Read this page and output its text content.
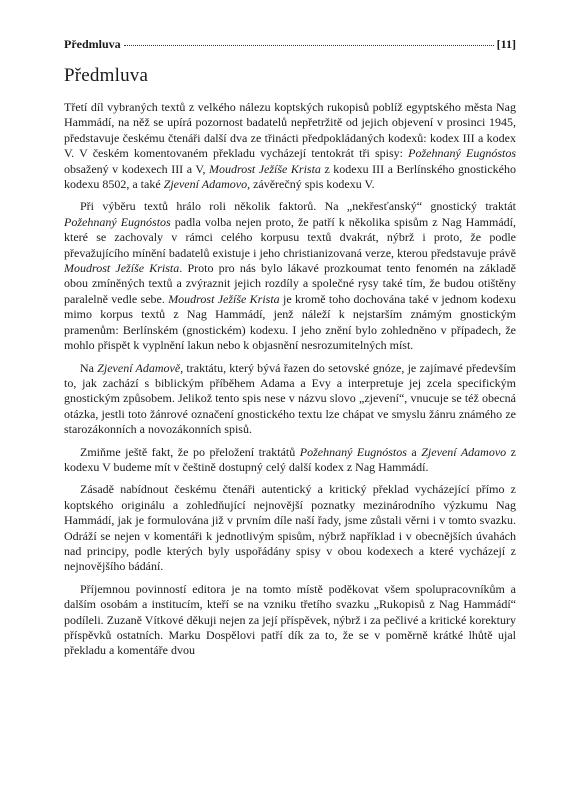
Předmluva	[11]
Předmluva

Třetí díl vybraných textů z velkého nálezu koptských rukopisů poblíž egyptského města Nag Hammádí, na něž se upírá pozornost badatelů nepřetržitě od jejich objevení v prosinci 1945, představuje českému čtenáři další dva ze třinácti předpokládaných kodexů: kodex III a kodex V. V českém komentovaném překladu vycházejí tentokrát tři spisy: Požehnaný Eugnóstos obsažený v kodexech III a V, Moudrost Ježíše Krista z kodexu III a Berlínského gnostického kodexu 8502, a také Zjevení Adamovo, závěrečný spis kodexu V.

Při výběru textů hrálo roli několik faktorů. Na „nekřesťanský“ gnostický traktát Požehnaný Eugnóstos padla volba nejen proto, že patří k několika spisům z Nag Hammádí, které se zachovaly v rámci celého korpusu textů dvakrát, nýbrž i proto, že podle převažujícího mínění badatelů existuje i jeho christianizovaná verze, kterou představuje právě Moudrost Ježíše Krista. Proto pro nás bylo lákavé prozkoumat tento fenomén na základě obou zmíněných textů a zvýraznit jejich rozdíly a společné rysy také tím, že budou otištěny paralelně vedle sebe. Moudrost Ježíše Krista je kromě toho dochována také v jednom kodexu mimo korpus textů z Nag Hammádí, jenž náleží k nejstarším známým gnostickým pramenům: Berlínském (gnostickém) kodexu. I jeho znění bylo zohledněno v případech, že mohlo přispět k vyplnění lakun nebo k objasnění nesrozumitelných míst.

Na Zjevení Adamově, traktátu, který bývá řazen do setovské gnóze, je zajímavé především to, jak zachází s biblickým příběhem Adama a Evy a interpretuje jej zcela specifickým gnostickým způsobem. Jelikož tento spis nese v názvu slovo „zjevení“, vnucuje se též obecná otázka, jestli toto žánrové označení gnostického textu lze chápat ve smyslu žánru známého ze starozákonních a novozákonních spisů.

Zmiňme ještě fakt, že po přeložení traktátů Požehnaný Eugnóstos a Zjevení Adamovo z kodexu V budeme mít v češtině dostupný celý další kodex z Nag Hammádí.

Zásadě nabídnout českému čtenáři autentický a kritický překlad vycházející přímo z koptského originálu a zohledňující nejnovější poznatky mezinárodního výzkumu Nag Hammádí, jak je formulována již v prvním díle naší řady, jsme zůstali věrni i v tomto svazku. Odráží se nejen v komentáři k jednotlivým spisům, nýbrž například i v obecnějších úvahách nad principy, podle kterých byly uspořádány spisy v obou kodexech a které vycházejí z nejnovějšího bádání.

Příjemnou povinností editora je na tomto místě poděkovat všem spolupracovníkům a dalším osobám a institucím, kteří se na vzniku třetího svazku „Rukopisů z Nag Hammádí“ podíleli. Zuzaně Vítkové děkuji nejen za její příspěvek, nýbrž i za pečlivé a kritické korektury příspěvků ostatních. Marku Dospělovi patří dík za to, že se v poměrně krátké lhůtě ujal překladu a komentáře dvou
